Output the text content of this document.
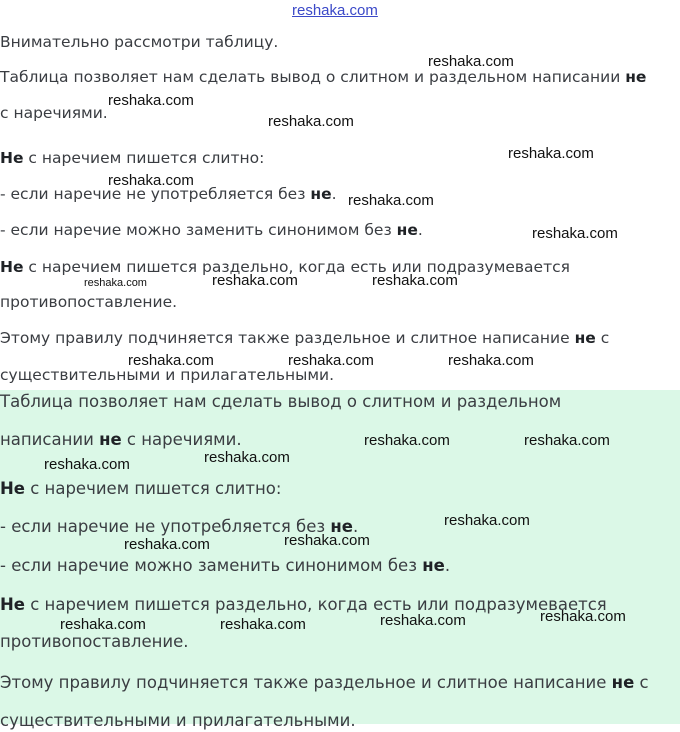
reshaka.com

Внимательно рассмотри таблицу.

Таблица позволяет нам сделать вывод о слитном и раздельном написании не

с наречиями.

Не с наречием пишется слитно:

- если наречие не употребляется без не.

- если наречие можно заменить синонимом без не.

Не с наречием пишется раздельно, когда есть или подразумевается

противопоставление.

Этому правилу подчиняется также раздельное и слитное написание не с

существительными и прилагательными.

Таблица позволяет нам сделать вывод о слитном и раздельном

написании не с наречиями.

Не с наречием пишется слитно:

- если наречие не употребляется без не.

- если наречие можно заменить синонимом без не.

Не с наречием пишется раздельно, когда есть или подразумевается

противопоставление.

Этому правилу подчиняется также раздельное и слитное написание не с

существительными и прилагательными.

reshaka.com
reshaka.com
reshaka.com
reshaka.com
reshaka.com
reshaka.com
reshaka.com
reshaka.com	reshaka.com	reshaka.com
reshaka.com	reshaka.com	reshaka.com
reshaka.com	reshaka.com
reshaka.com	reshaka.com
reshaka.com
reshaka.com	reshaka.com
reshaka.com
reshaka.com	reshaka.com	reshaka.com
